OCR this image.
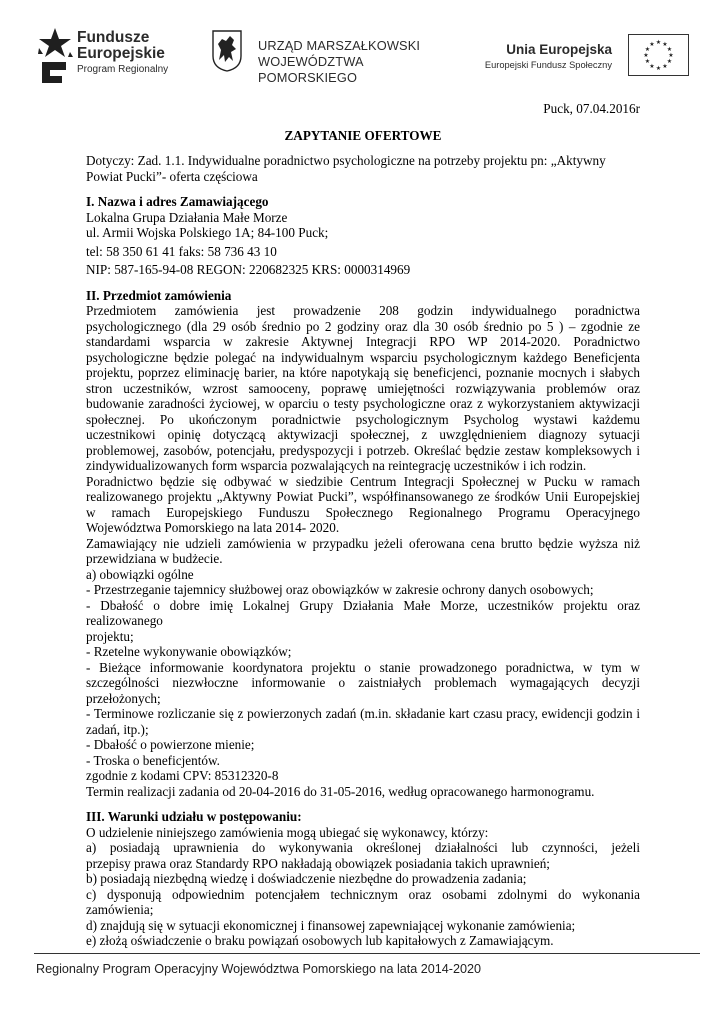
Fundusze
Europejskie
Program Regionalny
URZĄD MARSZAŁKOWSKI
WOJEWÓDZTWA POMORSKIEGO
Unia Europejska
Europejski Fundusz Społeczny
★ ★
★
★
★
★
★
★
★
★
★
★

Puck, 07.04.2016r

ZAPYTANIE OFERTOWE

Dotyczy: Zad. 1.1. Indywidualne poradnictwo psychologiczne na potrzeby projektu pn: „Aktywny

Powiat Pucki”- oferta częściowa

I. Nazwa i adres Zamawiającego

Lokalna Grupa Działania Małe Morze

ul. Armii Wojska Polskiego 1A; 84-100 Puck;

tel: 58 350 61 41 faks: 58 736 43 10

NIP: 587-165-94-08 REGON: 220682325 KRS: 0000314969

II. Przedmiot zamówienia

Przedmiotem zamówienia jest prowadzenie 208 godzin indywidualnego poradnictwa

psychologicznego (dla 29 osób średnio po 2 godziny oraz dla 30 osób średnio po 5 ) – zgodnie ze

standardami wsparcia w zakresie Aktywnej Integracji RPO WP 2014-2020. Poradnictwo

psychologiczne będzie polegać na indywidualnym wsparciu psychologicznym każdego Beneficjenta

projektu, poprzez eliminację barier, na które napotykają się beneficjenci, poznanie mocnych i słabych

stron uczestników, wzrost samooceny, poprawę umiejętności rozwiązywania problemów oraz

budowanie zaradności życiowej, w oparciu o testy psychologiczne oraz z wykorzystaniem aktywizacji

społecznej. Po ukończonym poradnictwie psychologicznym Psycholog wystawi każdemu

uczestnikowi opinię dotyczącą aktywizacji społecznej, z uwzględnieniem diagnozy sytuacji

problemowej, zasobów, potencjału, predyspozycji i potrzeb. Określać będzie zestaw kompleksowych i

zindywidualizowanych form wsparcia pozwalających na reintegrację uczestników i ich rodzin.

Poradnictwo będzie się odbywać w siedzibie Centrum Integracji Społecznej w Pucku w ramach

realizowanego projektu „Aktywny Powiat Pucki”, współfinansowanego ze środków Unii Europejskiej

w ramach Europejskiego Funduszu Społecznego Regionalnego Programu Operacyjnego

Województwa Pomorskiego na lata 2014- 2020.

Zamawiający nie udzieli zamówienia w przypadku jeżeli oferowana cena brutto będzie wyższa niż

przewidziana w budżecie.

a) obowiązki ogólne

- Przestrzeganie tajemnicy służbowej oraz obowiązków w zakresie ochrony danych osobowych;

- Dbałość o dobre imię Lokalnej Grupy Działania Małe Morze, uczestników projektu oraz realizowanego

projektu;

- Rzetelne wykonywanie obowiązków;

- Bieżące informowanie koordynatora projektu o stanie prowadzonego poradnictwa, w tym w

szczególności niezwłoczne informowanie o zaistniałych problemach wymagających decyzji

przełożonych;

- Terminowe rozliczanie się z powierzonych zadań (m.in. składanie kart czasu pracy, ewidencji godzin i

zadań, itp.);

- Dbałość o powierzone mienie;

- Troska o beneficjentów.

zgodnie z kodami CPV: 85312320-8

Termin realizacji zadania od 20-04-2016 do 31-05-2016, według opracowanego harmonogramu.

III. Warunki udziału w postępowaniu:

O udzielenie niniejszego zamówienia mogą ubiegać się wykonawcy, którzy:

a) posiadają uprawnienia do wykonywania określonej działalności lub czynności, jeżeli

przepisy prawa oraz Standardy RPO nakładają obowiązek posiadania takich uprawnień;

b) posiadają niezbędną wiedzę i doświadczenie niezbędne do prowadzenia zadania;

c) dysponują odpowiednim potencjałem technicznym oraz osobami zdolnymi do wykonania

zamówienia;

d) znajdują się w sytuacji ekonomicznej i finansowej zapewniającej wykonanie zamówienia;

e) złożą oświadczenie o braku powiązań osobowych lub kapitałowych z Zamawiającym.

Regionalny Program Operacyjny Województwa Pomorskiego na lata 2014-2020
